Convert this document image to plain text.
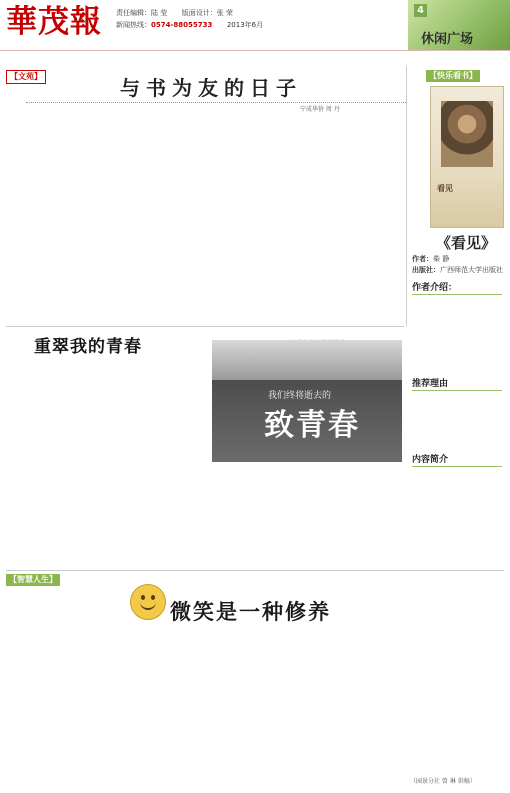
華茂報 责任编辑：陆 莹 版面设计：张 荣
新闻热线：0574-88055733 2013年6月
4
休闲广场
【文苑】	与书为友的日子
宁成华侨 周 丹
【快乐看书】
看见
《看见》
作者：柴 静
出版社：广西师范大学出版社
作者介绍：
推荐理由
内容简介
重翠我的青春
我们终将逝去的
致青春
【智慧人生】
微笑是一种修养
（园景分社 曾 琳 供稿）
